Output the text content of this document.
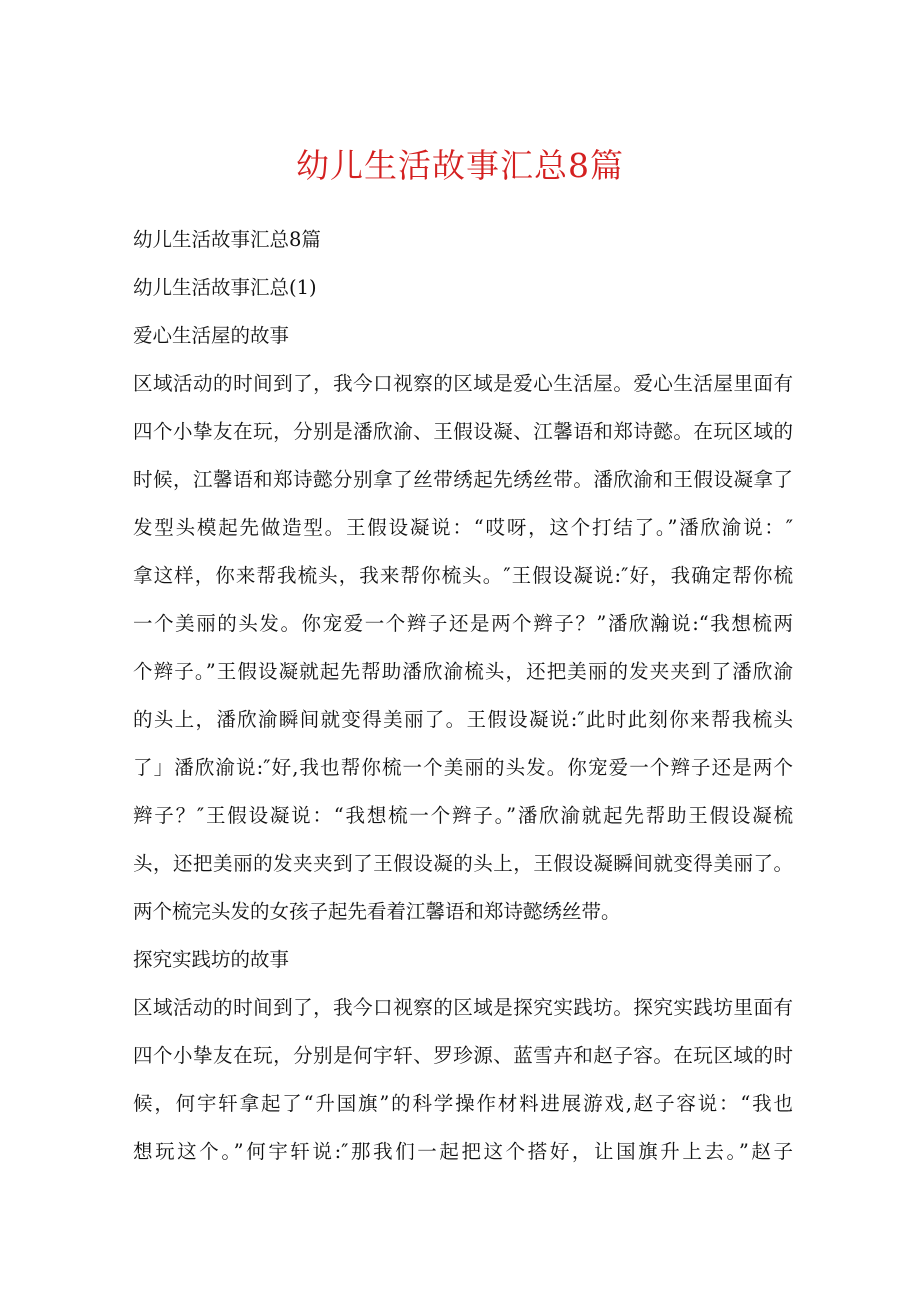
幼儿生活故事汇总8篇
幼儿生活故事汇总8篇
幼儿生活故事汇总(1)
爱心生活屋的故事
区域活动的时间到了，我今口视察的区域是爱心生活屋。爱心生活屋里面有
四个小挚友在玩，分别是潘欣渝、王假设凝、江馨语和郑诗懿。在玩区域的
时候，江馨语和郑诗懿分别拿了丝带绣起先绣丝带。潘欣渝和王假设凝拿了
发型头模起先做造型。王假设凝说：“哎呀，这个打结了。”潘欣渝说：″
拿这样，你来帮我梳头，我来帮你梳头。″王假设凝说:″好，我确定帮你梳
一个美丽的头发。你宠爱一个辫子还是两个辫子？”潘欣瀚说:“我想梳两
个辫子。”王假设凝就起先帮助潘欣渝梳头，还把美丽的发夹夹到了潘欣渝
的头上，潘欣渝瞬间就变得美丽了。王假设凝说:″此时此刻你来帮我梳头
了」潘欣渝说:″好,我也帮你梳一个美丽的头发。你宠爱一个辫子还是两个
辫子？″王假设凝说：“我想梳一个辫子。”潘欣渝就起先帮助王假设凝梳
头，还把美丽的发夹夹到了王假设凝的头上，王假设凝瞬间就变得美丽了。
两个梳完头发的女孩子起先看着江馨语和郑诗懿绣丝带。
探究实践坊的故事
区域活动的时间到了，我今口视察的区域是探究实践坊。探究实践坊里面有
四个小挚友在玩，分别是何宇轩、罗珍源、蓝雪卉和赵子容。在玩区域的时
候，何宇轩拿起了“升国旗”的科学操作材料进展游戏,赵子容说：“我也
想玩这个。”何宇轩说:″那我们一起把这个搭好，让国旗升上去。”赵子
